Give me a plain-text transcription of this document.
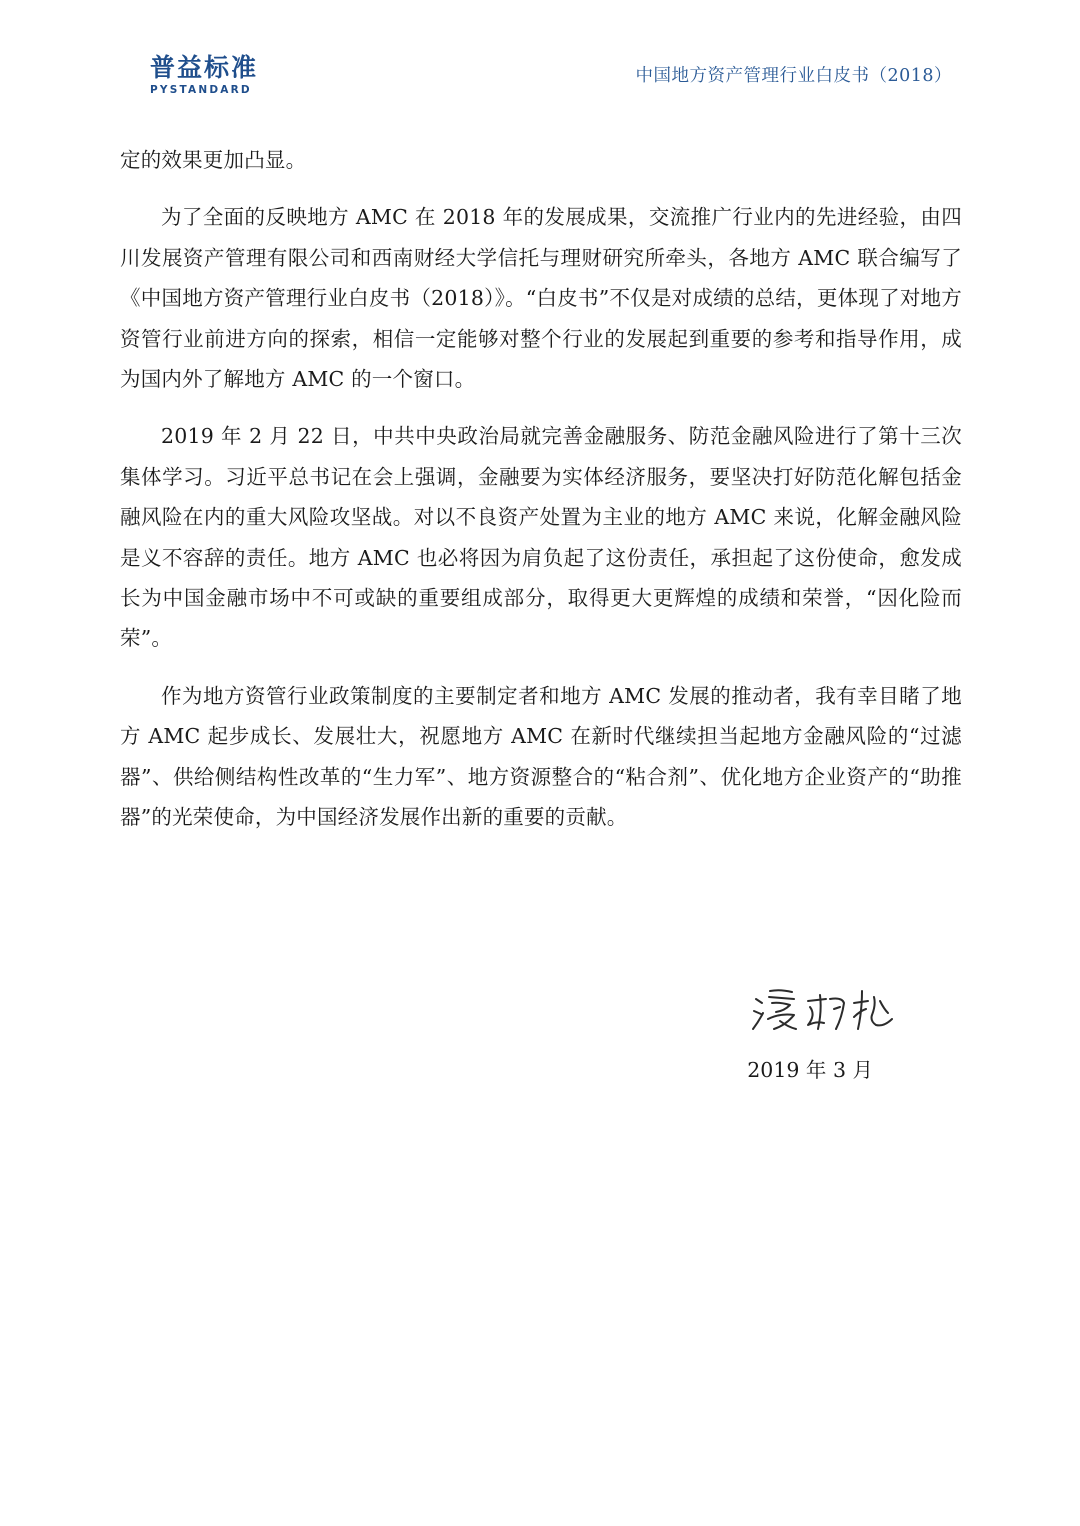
普益标准
PYSTANDARD
中国地方资产管理行业白皮书（2018）

定的效果更加凸显。

为了全面的反映地方 AMC 在 2018 年的发展成果，交流推广行业内的先进经验，由四川发展资产管理有限公司和西南财经大学信托与理财研究所牵头，各地方 AMC 联合编写了《中国地方资产管理行业白皮书（2018）》。“白皮书”不仅是对成绩的总结，更体现了对地方资管行业前进方向的探索，相信一定能够对整个行业的发展起到重要的参考和指导作用，成为国内外了解地方 AMC 的一个窗口。

2019 年 2 月 22 日，中共中央政治局就完善金融服务、防范金融风险进行了第十三次集体学习。习近平总书记在会上强调，金融要为实体经济服务，要坚决打好防范化解包括金融风险在内的重大风险攻坚战。对以不良资产处置为主业的地方 AMC 来说，化解金融风险是义不容辞的责任。地方 AMC 也必将因为肩负起了这份责任，承担起了这份使命，愈发成长为中国金融市场中不可或缺的重要组成部分，取得更大更辉煌的成绩和荣誉，“因化险而荣”。

作为地方资管行业政策制度的主要制定者和地方 AMC 发展的推动者，我有幸目睹了地方 AMC 起步成长、发展壮大，祝愿地方 AMC 在新时代继续担当起地方金融风险的“过滤器”、供给侧结构性改革的“生力军”、地方资源整合的“粘合剂”、优化地方企业资产的“助推器”的光荣使命，为中国经济发展作出新的重要的贡献。

2019 年 3 月
